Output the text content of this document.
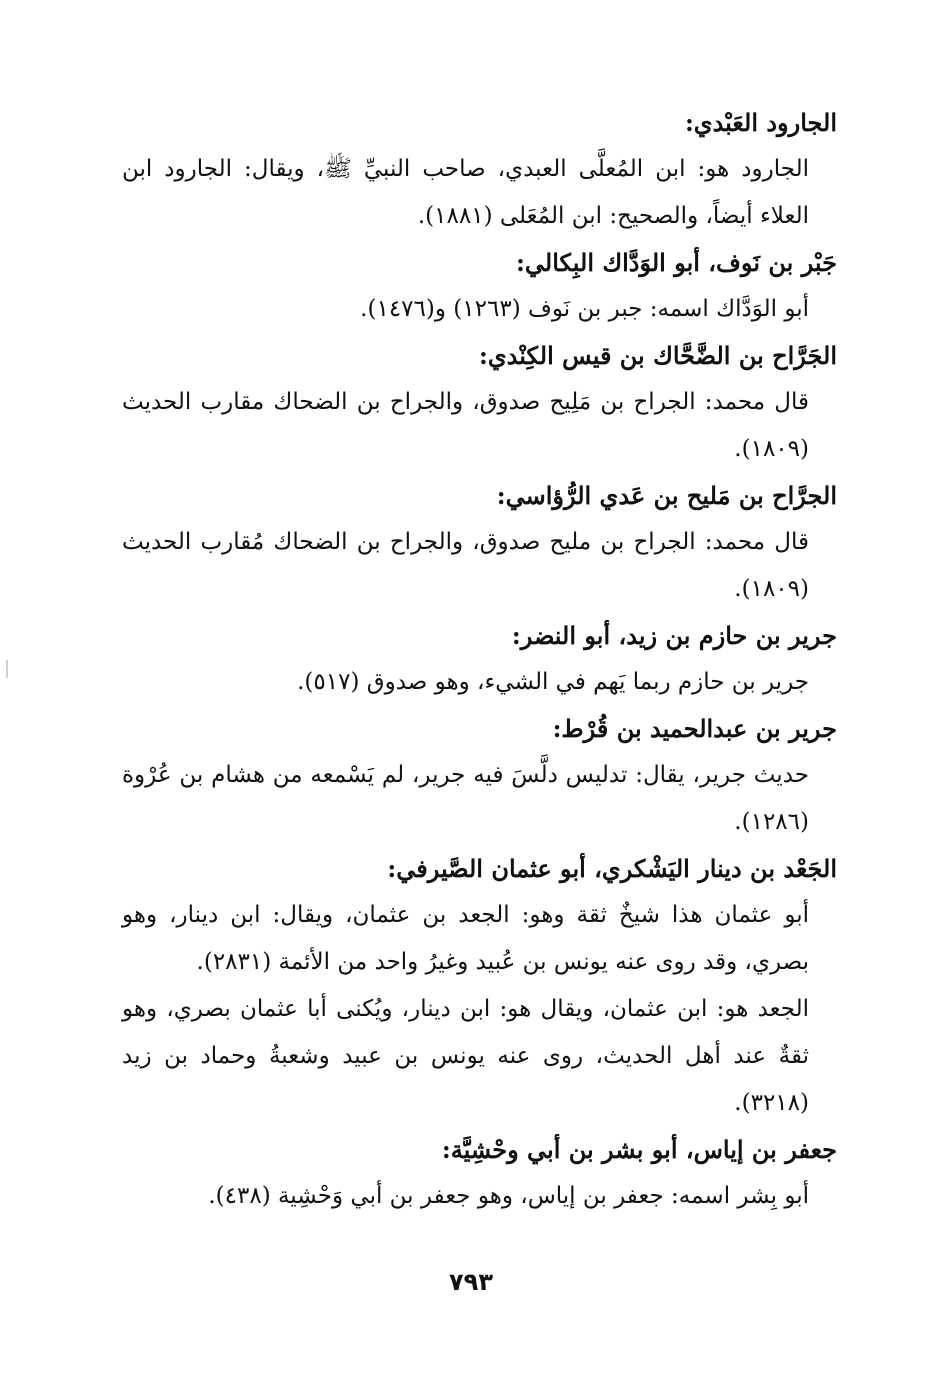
الجارود العَبْدي:
الجارود هو: ابن المُعلَّى العبدي، صاحب النبيِّ ﷺ، ويقال: الجارود ابن العلاء أيضاً، والصحيح: ابن المُعَلى (١٨٨١).
جَبْر بن نَوف، أبو الوَدَّاك البِكالي:
أبو الوَدَّاك اسمه: جبر بن نَوف (١٢٦٣) و(١٤٧٦).
الجَرَّاح بن الضَّحَّاك بن قيس الكِنْدي:
قال محمد: الجراح بن مَلِيح صدوق، والجراح بن الضحاك مقارب الحديث (١٨٠٩).
الجرَّاح بن مَليح بن عَدي الرُّؤاسي:
قال محمد: الجراح بن مليح صدوق، والجراح بن الضحاك مُقارب الحديث (١٨٠٩).
جرير بن حازم بن زيد، أبو النضر:
جرير بن حازم ربما يَهم في الشيء، وهو صدوق (٥١٧).
جرير بن عبدالحميد بن قُرْط:
حديث جرير، يقال: تدليس دلَّسَ فيه جرير، لم يَسْمعه من هشام بن عُرْوة (١٢٨٦).
الجَعْد بن دينار اليَشْكري، أبو عثمان الصَّيرفي:
أبو عثمان هذا شيخٌ ثقة وهو: الجعد بن عثمان، ويقال: ابن دينار، وهو بصري، وقد روى عنه يونس بن عُبيد وغيرُ واحد من الأئمة (٢٨٣١).
الجعد هو: ابن عثمان، ويقال هو: ابن دينار، ويُكنى أبا عثمان بصري، وهو ثقةٌ عند أهل الحديث، روى عنه يونس بن عبيد وشعبةُ وحماد بن زيد (٣٢١٨).
جعفر بن إياس، أبو بشر بن أبي وحْشِيَّة:
أبو بِشر اسمه: جعفر بن إياس، وهو جعفر بن أبي وَحْشِية (٤٣٨).
٧٩٣
